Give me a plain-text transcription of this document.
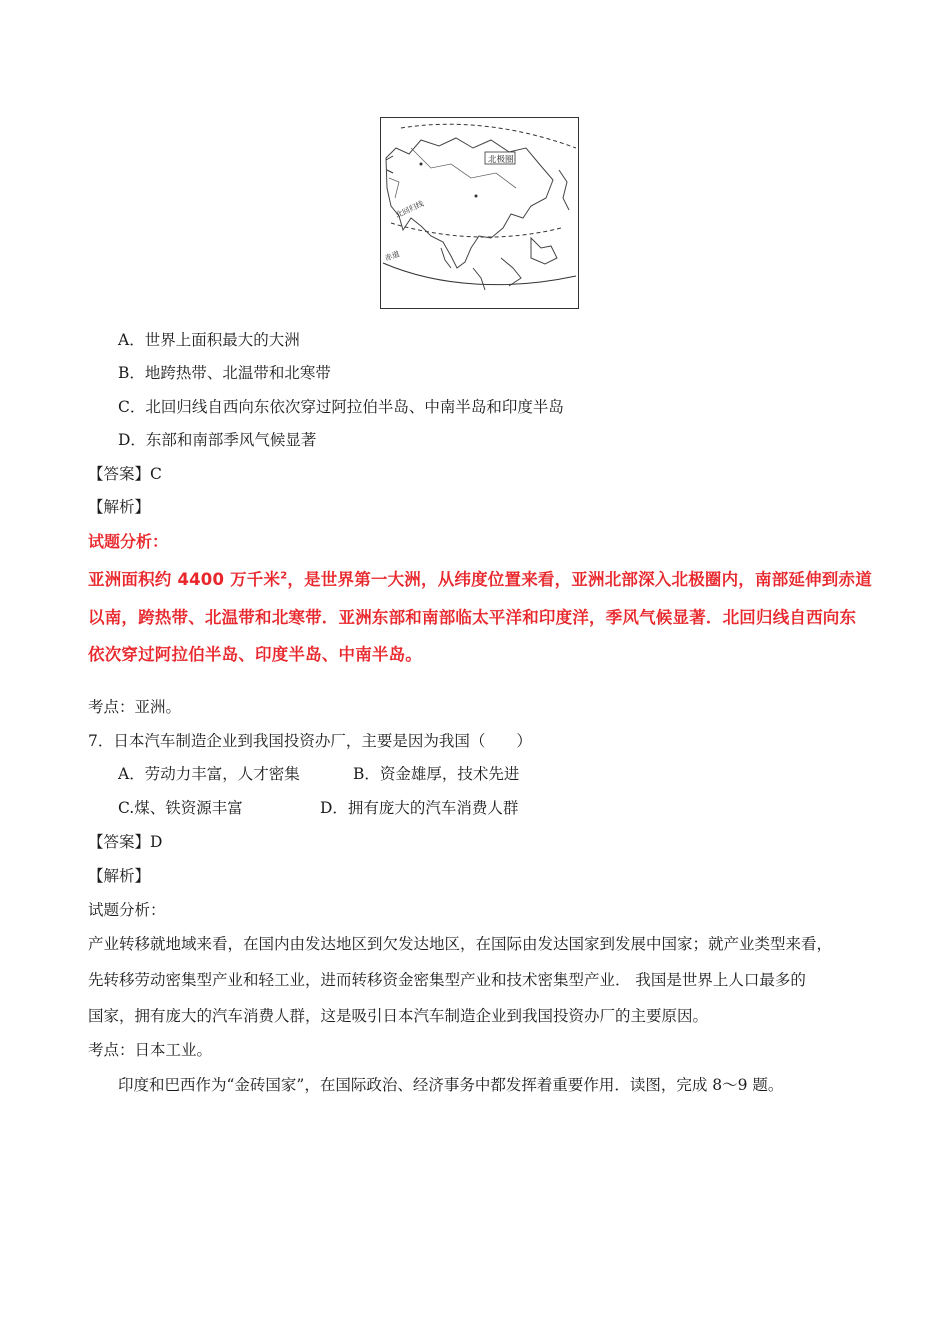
北极圈
北回归线
赤道
A．世界上面积最大的大洲
B．地跨热带、北温带和北寒带
C．北回归线自西向东依次穿过阿拉伯半岛、中南半岛和印度半岛
D．东部和南部季风气候显著
【答案】C
【解析】
试题分析：
亚洲面积约 4400 万千米$^2$，是世界第一大洲，从纬度位置来看，亚洲北部深入北极圈内，南部延伸到赤道
以南，跨热带、北温带和北寒带．亚洲东部和南部临太平洋和印度洋，季风气候显著．北回归线自西向东
依次穿过阿拉伯半岛、印度半岛、中南半岛。
考点：亚洲。
7．日本汽车制造企业到我国投资办厂，主要是因为我国（　　）
A．劳动力丰富，人才密集	B．资金雄厚，技术先进
C.煤、铁资源丰富	D．拥有庞大的汽车消费人群
【答案】D
【解析】
试题分析：
产业转移就地域来看，在国内由发达地区到欠发达地区，在国际由发达国家到发展中国家；就产业类型来看，
先转移劳动密集型产业和轻工业，进而转移资金密集型产业和技术密集型产业． 我国是世界上人口最多的
国家，拥有庞大的汽车消费人群，这是吸引日本汽车制造企业到我国投资办厂的主要原因。
考点：日本工业。
印度和巴西作为“金砖国家”，在国际政治、经济事务中都发挥着重要作用．读图，完成 8～9 题。
